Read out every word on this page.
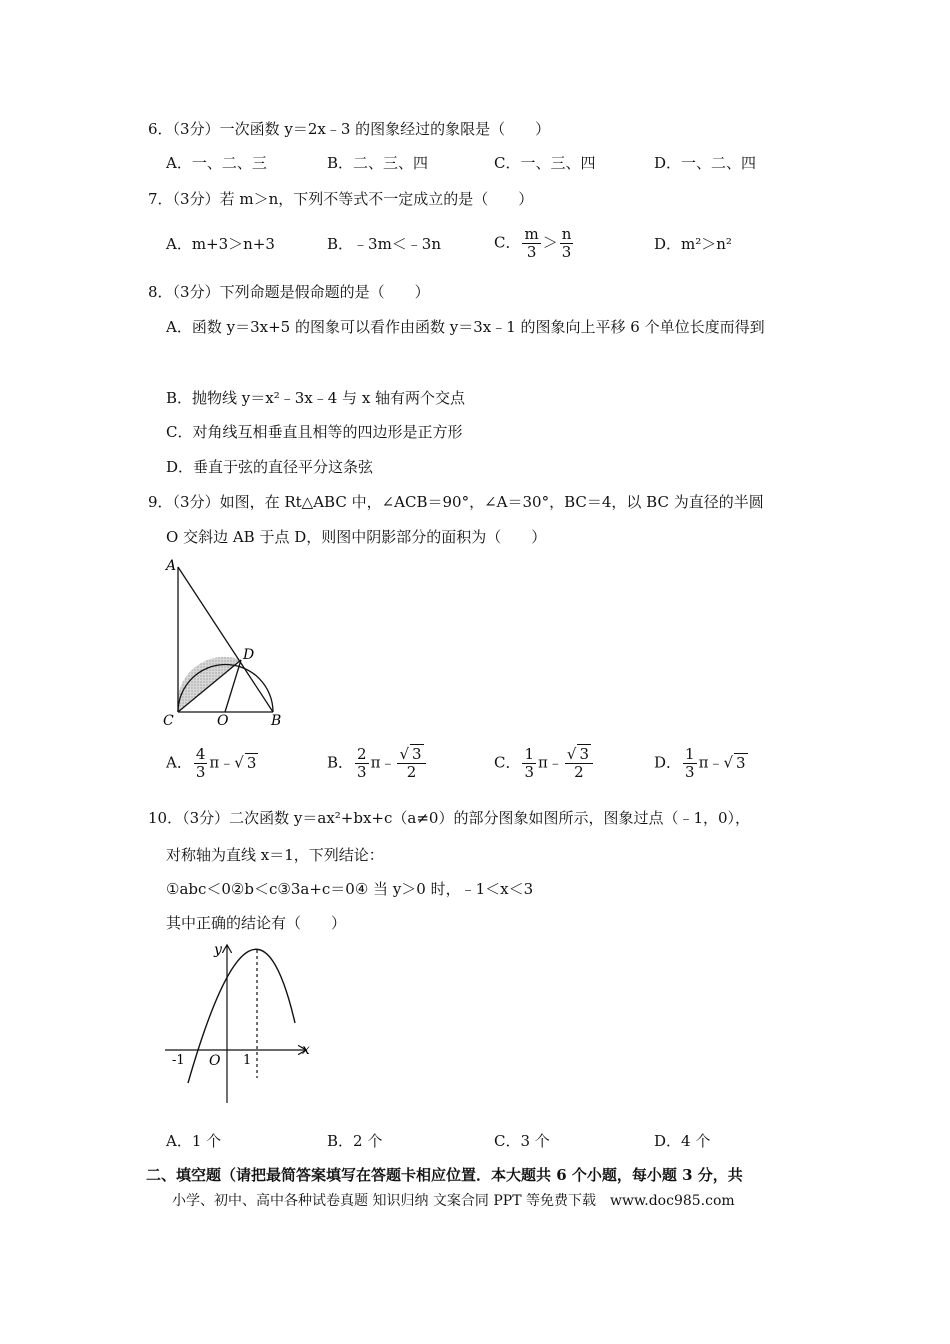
6．（3分）一次函数 y＝2x﹣3 的图象经过的象限是（　　）
A．一、二、三	B．二、三、四	C．一、三、四	D．一、二、四
7．（3分）若 m＞n，下列不等式不一定成立的是（　　）
A．m+3＞n+3	B．﹣3m＜﹣3n	C． $\frac{m}{3} > \frac{n}{3}$	D．m²＞n²
8．（3分）下列命题是假命题的是（　　）
A．函数 y＝3x+5 的图象可以看作由函数 y＝3x﹣1 的图象向上平移 6 个单位长度而得到
B．抛物线 y＝x²﹣3x﹣4 与 x 轴有两个交点
C．对角线互相垂直且相等的四边形是正方形
D．垂直于弦的直径平分这条弦
9．（3分）如图，在 Rt△ABC 中，∠ACB＝90°，∠A＝30°，BC＝4，以 BC 为直径的半圆
O 交斜边 AB 于点 D，则图中阴影部分的面积为（　　）
A
C	O	B
D
A． $\frac{4}{3}$ π﹣√ 3	B． $\frac{2}{3}$ π﹣ $\frac{√ 3}{2}$	C． $\frac{1}{3}$ π﹣ $\frac{√ 3}{2}$	D． $\frac{1}{3}$ π﹣√ 3
10．（3分）二次函数 y＝ax²+bx+c（a≠0）的部分图象如图所示，图象过点（﹣1，0），
对称轴为直线 x＝1，下列结论：
①abc＜0②b＜c③3a+c＝0④ 当 y＞0 时，﹣1＜x＜3
其中正确的结论有（　　）
y
x
-1 O 1
A．1 个	B．2 个	C．3 个	D．4 个
二、填空题（请把最简答案填写在答题卡相应位置．本大题共 6 个小题，每小题 3 分，共
小学、初中、高中各种试卷真题 知识归纳 文案合同 PPT 等免费下载　www.doc985.com
